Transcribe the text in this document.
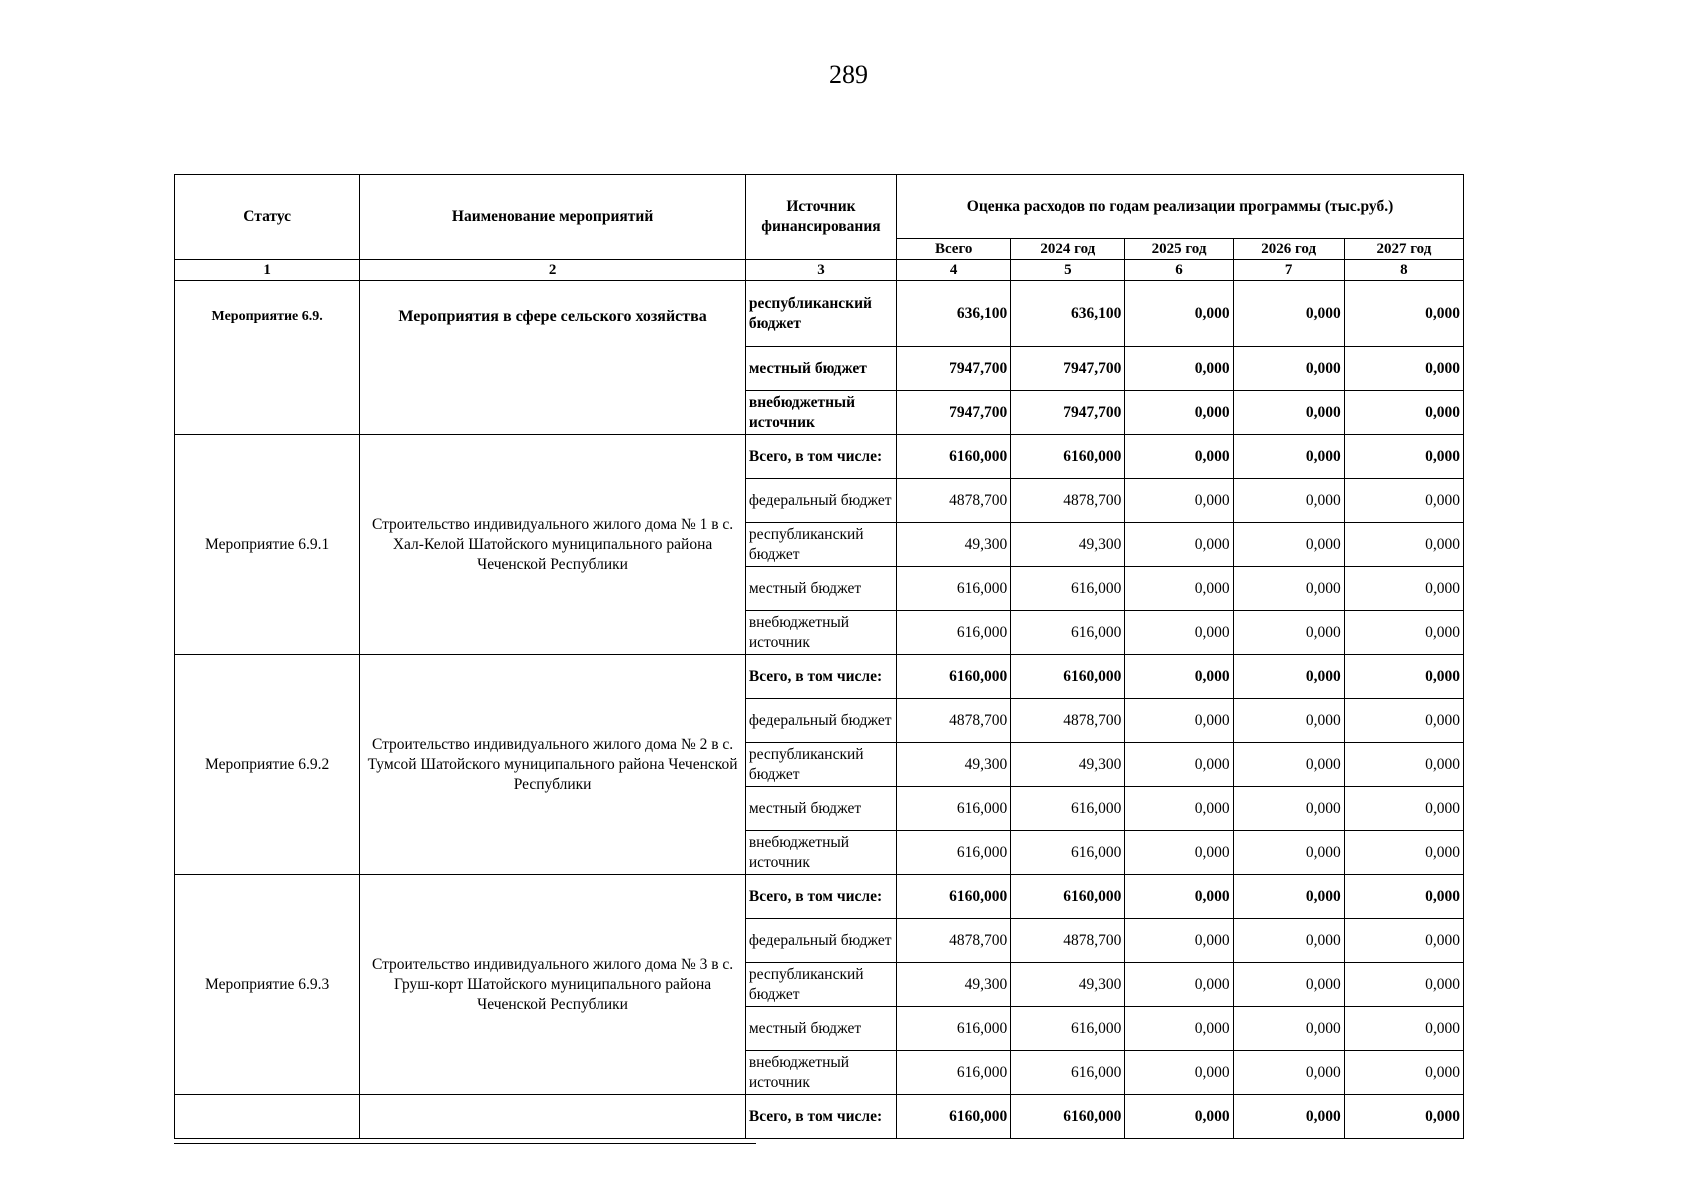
289
Статус	Наименование мероприятий	Источник финансирования	Оценка расходов по годам реализации программы (тыс.руб.)				
			Всего	2024 год	2025 год	2026 год	2027 год
1	2	3	4	5	6	7	8
Мероприятие 6.9.	Мероприятия в сфере сельского хозяйства	республиканский бюджет	636,100	636,100	0,000	0,000	0,000
		местный бюджет	7947,700	7947,700	0,000	0,000	0,000
		внебюджетный источник	7947,700	7947,700	0,000	0,000	0,000
Мероприятие 6.9.1	Строительство индивидуального жилого дома № 1 в с. Хал-Келой Шатойского муниципального района Чеченской Республики	Всего, в том числе:	6160,000	6160,000	0,000	0,000	0,000
		федеральный бюджет	4878,700	4878,700	0,000	0,000	0,000
		республиканский бюджет	49,300	49,300	0,000	0,000	0,000
		местный бюджет	616,000	616,000	0,000	0,000	0,000
		внебюджетный источник	616,000	616,000	0,000	0,000	0,000
Мероприятие 6.9.2	Строительство индивидуального жилого дома № 2 в с. Тумсой Шатойского муниципального района Чеченской Республики	Всего, в том числе:	6160,000	6160,000	0,000	0,000	0,000
		федеральный бюджет	4878,700	4878,700	0,000	0,000	0,000
		республиканский бюджет	49,300	49,300	0,000	0,000	0,000
		местный бюджет	616,000	616,000	0,000	0,000	0,000
		внебюджетный источник	616,000	616,000	0,000	0,000	0,000
Мероприятие 6.9.3	Строительство индивидуального жилого дома № 3 в с. Груш-корт Шатойского муниципального района Чеченской Республики	Всего, в том числе:	6160,000	6160,000	0,000	0,000	0,000
		федеральный бюджет	4878,700	4878,700	0,000	0,000	0,000
		республиканский бюджет	49,300	49,300	0,000	0,000	0,000
		местный бюджет	616,000	616,000	0,000	0,000	0,000
		внебюджетный источник	616,000	616,000	0,000	0,000	0,000
		Всего, в том числе:	6160,000	6160,000	0,000	0,000	0,000
